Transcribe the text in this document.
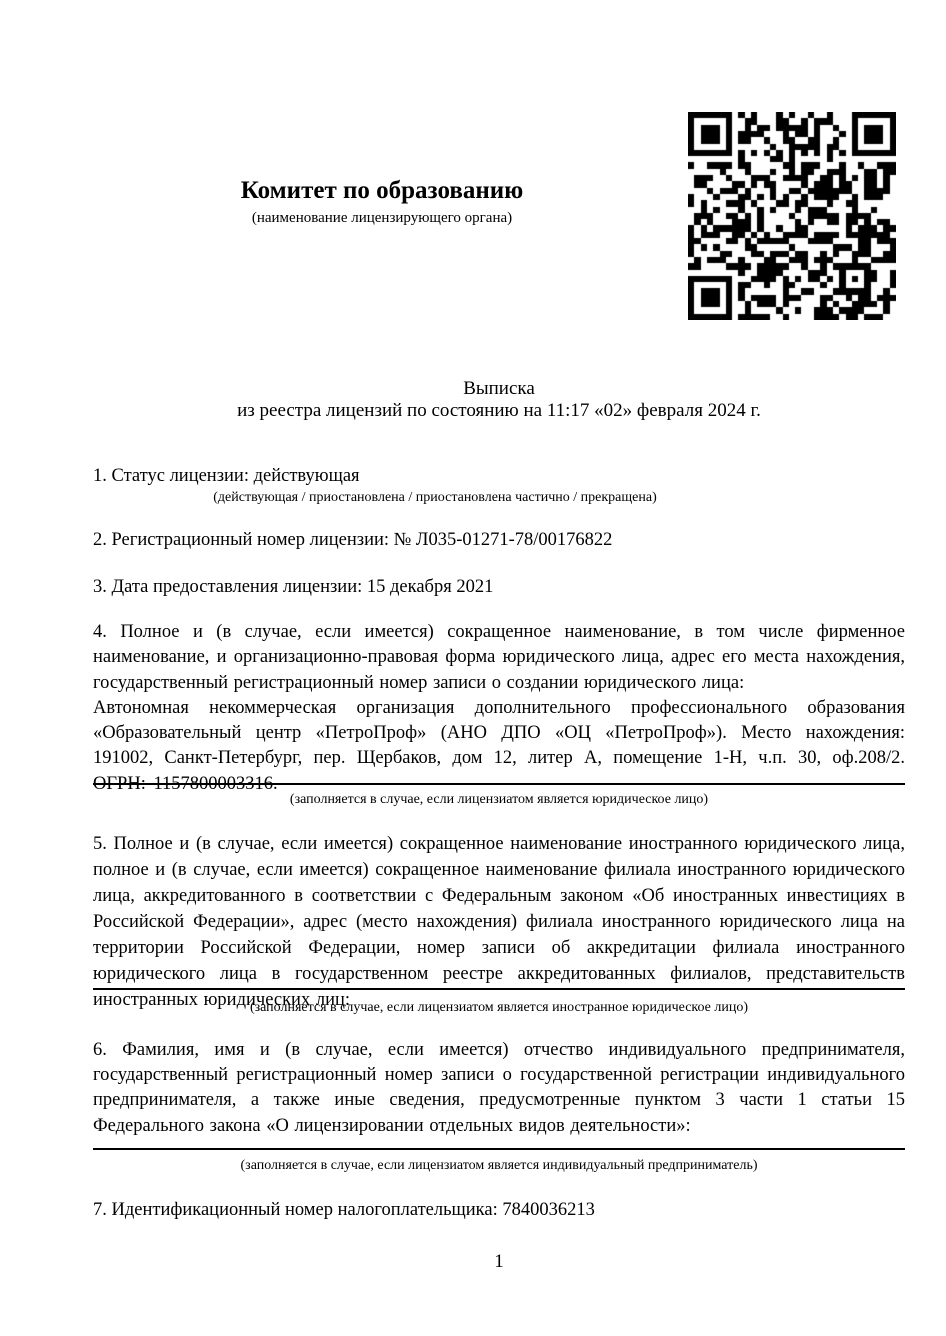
Комитет по образованию
(наименование лицензирующего органа)
Выписка
из реестра лицензий по состоянию на 11:17 «02» февраля 2024 г.
1. Статус лицензии: действующая
(действующая / приостановлена / приостановлена частично / прекращена)
2. Регистрационный номер лицензии: № Л035-01271-78/00176822
3. Дата предоставления лицензии: 15 декабря 2021

4. Полное и (в случае, если имеется) сокращенное наименование, в том числе фирменное наименование, и организационно-правовая форма юридического лица, адрес его места нахождения, государственный регистрационный номер записи о создании юридического лица:

Автономная некоммерческая организация дополнительного профессионального образования «Образовательный центр «ПетроПроф» (АНО ДПО «ОЦ «ПетроПроф»). Место нахождения: 191002, Санкт-Петербург, пер. Щербаков, дом 12, литер А, помещение 1-Н, ч.п. 30, оф.208/2. ОГРН: 1157800003316.

(заполняется в случае, если лицензиатом является юридическое лицо)
5. Полное и (в случае, если имеется) сокращенное наименование иностранного юридического лица, полное и (в случае, если имеется) сокращенное наименование филиала иностранного юридического лица, аккредитованного в соответствии с Федеральным законом «Об иностранных инвестициях в Российской Федерации», адрес (место нахождения) филиала иностранного юридического лица на территории Российской Федерации, номер записи об аккредитации филиала иностранного юридического лица в государственном реестре аккредитованных филиалов, представительств иностранных юридических лиц:
(заполняется в случае, если лицензиатом является иностранное юридическое лицо)
6. Фамилия, имя и (в случае, если имеется) отчество индивидуального предпринимателя, государственный регистрационный номер записи о государственной регистрации индивидуального предпринимателя, а также иные сведения, предусмотренные пунктом 3 части 1 статьи 15 Федерального закона «О лицензировании отдельных видов деятельности»:
(заполняется в случае, если лицензиатом является индивидуальный предприниматель)
7. Идентификационный номер налогоплательщика: 7840036213
1
